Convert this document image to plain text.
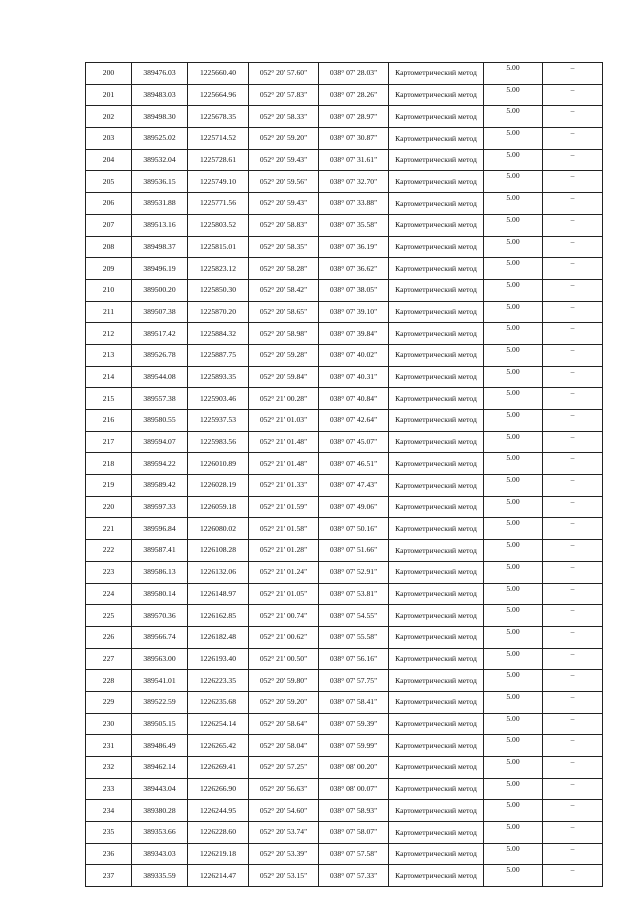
200	389476.03	1225660.40	052° 20' 57.60"	038° 07' 28.03"	Картометрический метод	5.00	–
201	389483.03	1225664.96	052° 20' 57.83"	038° 07' 28.26"	Картометрический метод	5.00	–
202	389498.30	1225678.35	052° 20' 58.33"	038° 07' 28.97"	Картометрический метод	5.00	–
203	389525.02	1225714.52	052° 20' 59.20"	038° 07' 30.87"	Картометрический метод	5.00	–
204	389532.04	1225728.61	052° 20' 59.43"	038° 07' 31.61"	Картометрический метод	5.00	–
205	389536.15	1225749.10	052° 20' 59.56"	038° 07' 32.70"	Картометрический метод	5.00	–
206	389531.88	1225771.56	052° 20' 59.43"	038° 07' 33.88"	Картометрический метод	5.00	–
207	389513.16	1225803.52	052° 20' 58.83"	038° 07' 35.58"	Картометрический метод	5.00	–
208	389498.37	1225815.01	052° 20' 58.35"	038° 07' 36.19"	Картометрический метод	5.00	–
209	389496.19	1225823.12	052° 20' 58.28"	038° 07' 36.62"	Картометрический метод	5.00	–
210	389500.20	1225850.30	052° 20' 58.42"	038° 07' 38.05"	Картометрический метод	5.00	–
211	389507.38	1225870.20	052° 20' 58.65"	038° 07' 39.10"	Картометрический метод	5.00	–
212	389517.42	1225884.32	052° 20' 58.98"	038° 07' 39.84"	Картометрический метод	5.00	–
213	389526.78	1225887.75	052° 20' 59.28"	038° 07' 40.02"	Картометрический метод	5.00	–
214	389544.08	1225893.35	052° 20' 59.84"	038° 07' 40.31"	Картометрический метод	5.00	–
215	389557.38	1225903.46	052° 21' 00.28"	038° 07' 40.84"	Картометрический метод	5.00	–
216	389580.55	1225937.53	052° 21' 01.03"	038° 07' 42.64"	Картометрический метод	5.00	–
217	389594.07	1225983.56	052° 21' 01.48"	038° 07' 45.07"	Картометрический метод	5.00	–
218	389594.22	1226010.89	052° 21' 01.48"	038° 07' 46.51"	Картометрический метод	5.00	–
219	389589.42	1226028.19	052° 21' 01.33"	038° 07' 47.43"	Картометрический метод	5.00	–
220	389597.33	1226059.18	052° 21' 01.59"	038° 07' 49.06"	Картометрический метод	5.00	–
221	389596.84	1226080.02	052° 21' 01.58"	038° 07' 50.16"	Картометрический метод	5.00	–
222	389587.41	1226108.28	052° 21' 01.28"	038° 07' 51.66"	Картометрический метод	5.00	–
223	389586.13	1226132.06	052° 21' 01.24"	038° 07' 52.91"	Картометрический метод	5.00	–
224	389580.14	1226148.97	052° 21' 01.05"	038° 07' 53.81"	Картометрический метод	5.00	–
225	389570.36	1226162.85	052° 21' 00.74"	038° 07' 54.55"	Картометрический метод	5.00	–
226	389566.74	1226182.48	052° 21' 00.62"	038° 07' 55.58"	Картометрический метод	5.00	–
227	389563.00	1226193.40	052° 21' 00.50"	038° 07' 56.16"	Картометрический метод	5.00	–
228	389541.01	1226223.35	052° 20' 59.80"	038° 07' 57.75"	Картометрический метод	5.00	–
229	389522.59	1226235.68	052° 20' 59.20"	038° 07' 58.41"	Картометрический метод	5.00	–
230	389505.15	1226254.14	052° 20' 58.64"	038° 07' 59.39"	Картометрический метод	5.00	–
231	389486.49	1226265.42	052° 20' 58.04"	038° 07' 59.99"	Картометрический метод	5.00	–
232	389462.14	1226269.41	052° 20' 57.25"	038° 08' 00.20"	Картометрический метод	5.00	–
233	389443.04	1226266.90	052° 20' 56.63"	038° 08' 00.07"	Картометрический метод	5.00	–
234	389380.28	1226244.95	052° 20' 54.60"	038° 07' 58.93"	Картометрический метод	5.00	–
235	389353.66	1226228.60	052° 20' 53.74"	038° 07' 58.07"	Картометрический метод	5.00	–
236	389343.03	1226219.18	052° 20' 53.39"	038° 07' 57.58"	Картометрический метод	5.00	–
237	389335.59	1226214.47	052° 20' 53.15"	038° 07' 57.33"	Картометрический метод	5.00	–
